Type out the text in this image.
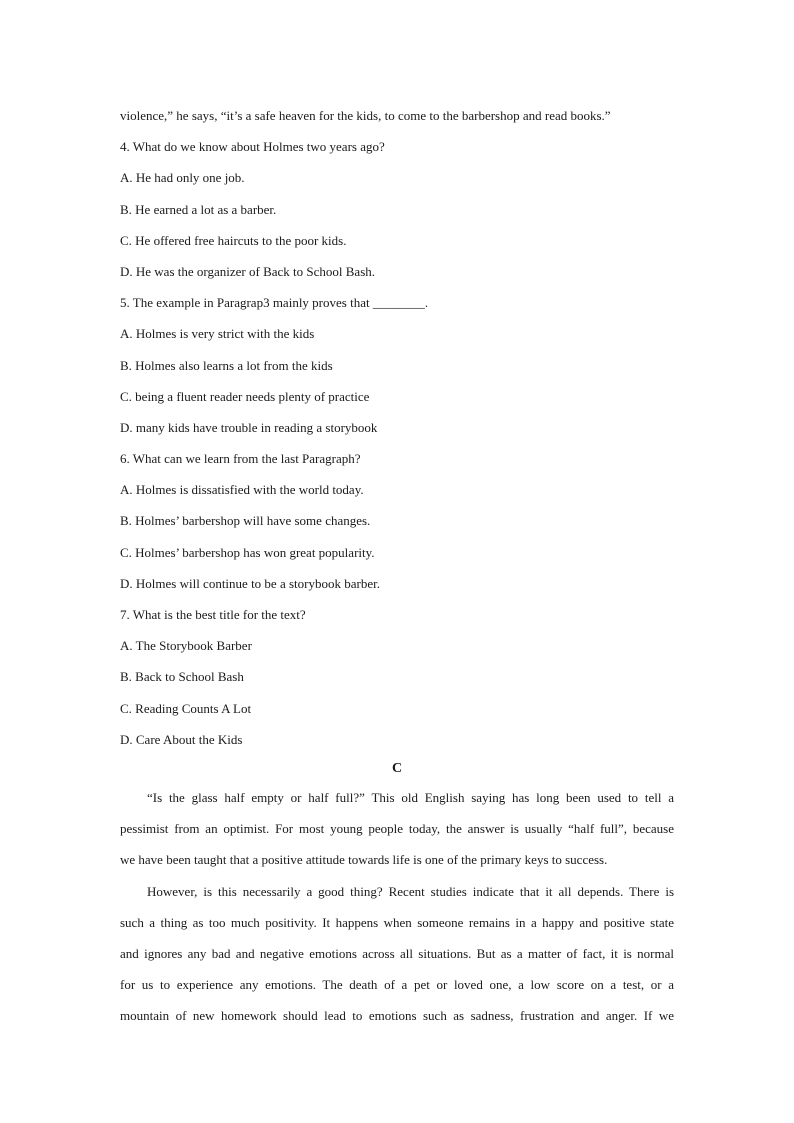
violence,” he says, “it’s a safe heaven for the kids, to come to the barbershop and read books.”

4. What do we know about Holmes two years ago?

A. He had only one job.

B. He earned a lot as a barber.

C. He offered free haircuts to the poor kids.

D. He was the organizer of Back to School Bash.

5. The example in Paragrap3 mainly proves that ________.

A. Holmes is very strict with the kids

B. Holmes also learns a lot from the kids

C. being a fluent reader needs plenty of practice

D. many kids have trouble in reading a storybook

6. What can we learn from the last Paragraph?

A. Holmes is dissatisfied with the world today.

B. Holmes’ barbershop will have some changes.

C. Holmes’ barbershop has won great popularity.

D. Holmes will continue to be a storybook barber.

7. What is the best title for the text?

A. The Storybook Barber

B. Back to School Bash

C. Reading Counts A Lot

D. Care About the Kids

C
“Is the glass half empty or half full?” This old English saying has long been used to tell a
pessimist from an optimist. For most young people today, the answer is usually “half full”, because
we have been taught that a positive attitude towards life is one of the primary keys to success.
However, is this necessarily a good thing? Recent studies indicate that it all depends. There is
such a thing as too much positivity. It happens when someone remains in a happy and positive state
and ignores any bad and negative emotions across all situations. But as a matter of fact, it is normal
for us to experience any emotions. The death of a pet or loved one, a low score on a test, or a
mountain of new homework should lead to emotions such as sadness, frustration and anger. If we
